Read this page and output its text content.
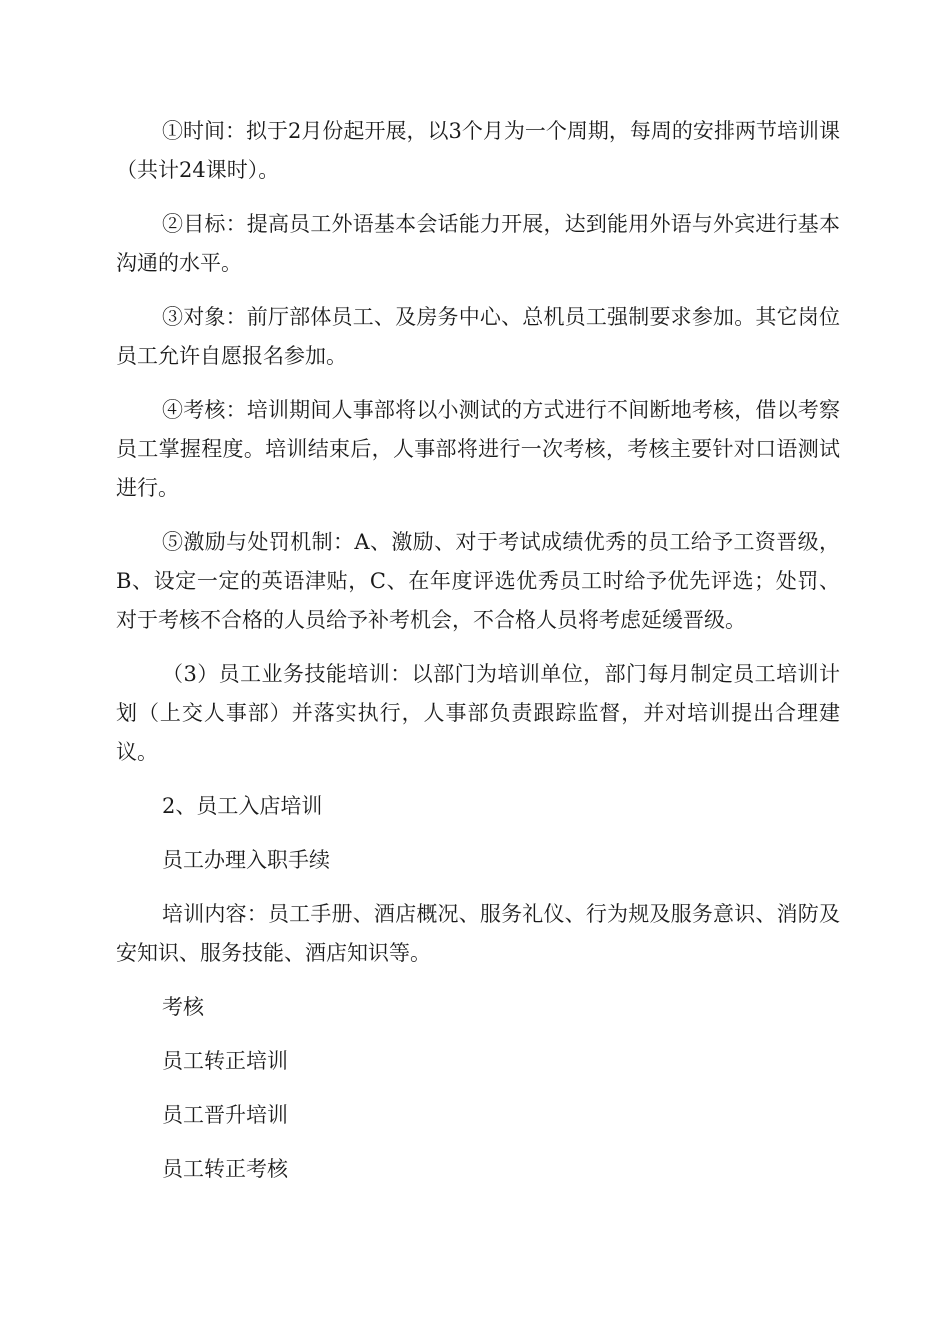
①时间：拟于2月份起开展，以3个月为一个周期，每周的安排两节培训课（共计24课时）。

②目标：提高员工外语基本会话能力开展，达到能用外语与外宾进行基本沟通的水平。

③对象：前厅部体员工、及房务中心、总机员工强制要求参加。其它岗位员工允许自愿报名参加。

④考核：培训期间人事部将以小测试的方式进行不间断地考核，借以考察员工掌握程度。培训结束后，人事部将进行一次考核，考核主要针对口语测试进行。

⑤激励与处罚机制：A、激励、对于考试成绩优秀的员工给予工资晋级，B、设定一定的英语津贴，C、在年度评选优秀员工时给予优先评选；处罚、对于考核不合格的人员给予补考机会，不合格人员将考虑延缓晋级。

（3）员工业务技能培训：以部门为培训单位，部门每月制定员工培训计划（上交人事部）并落实执行，人事部负责跟踪监督，并对培训提出合理建议。

2、员工入店培训

员工办理入职手续

培训内容：员工手册、酒店概况、服务礼仪、行为规及服务意识、消防及安知识、服务技能、酒店知识等。

考核

员工转正培训

员工晋升培训

员工转正考核
